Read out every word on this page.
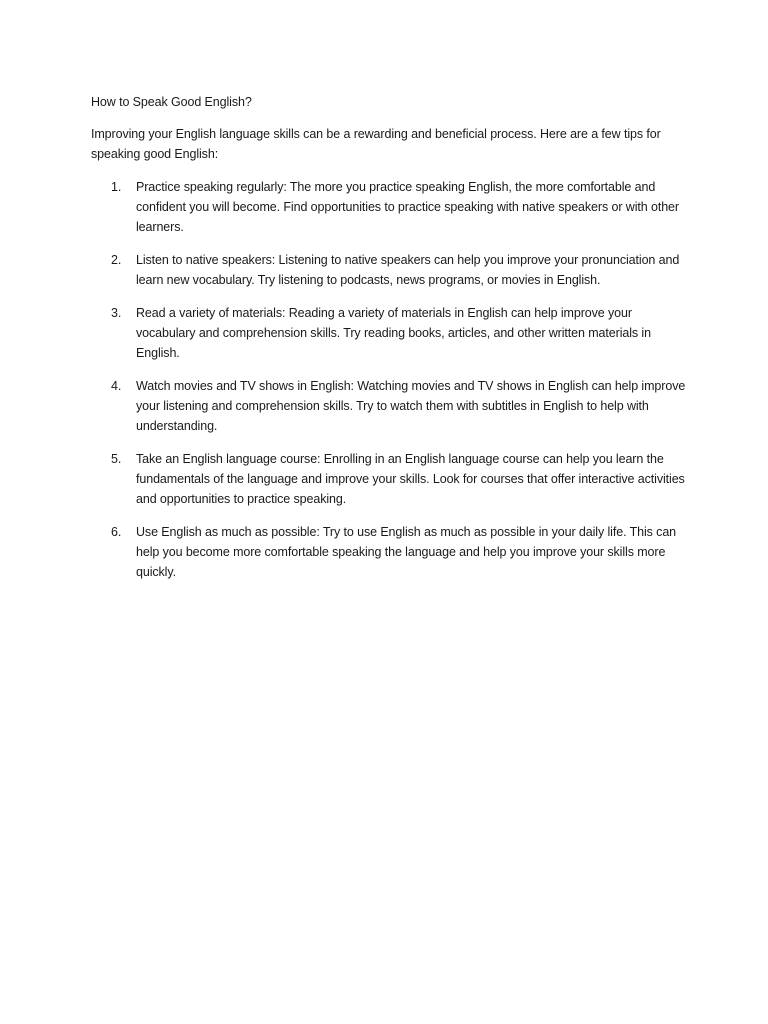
How to Speak Good English?

Improving your English language skills can be a rewarding and beneficial process. Here are a few tips for speaking good English:

1. Practice speaking regularly: The more you practice speaking English, the more comfortable and confident you will become. Find opportunities to practice speaking with native speakers or with other learners.
2. Listen to native speakers: Listening to native speakers can help you improve your pronunciation and learn new vocabulary. Try listening to podcasts, news programs, or movies in English.
3. Read a variety of materials: Reading a variety of materials in English can help improve your vocabulary and comprehension skills. Try reading books, articles, and other written materials in English.
4. Watch movies and TV shows in English: Watching movies and TV shows in English can help improve your listening and comprehension skills. Try to watch them with subtitles in English to help with understanding.
5. Take an English language course: Enrolling in an English language course can help you learn the fundamentals of the language and improve your skills. Look for courses that offer interactive activities and opportunities to practice speaking.
6. Use English as much as possible: Try to use English as much as possible in your daily life. This can help you become more comfortable speaking the language and help you improve your skills more quickly.
